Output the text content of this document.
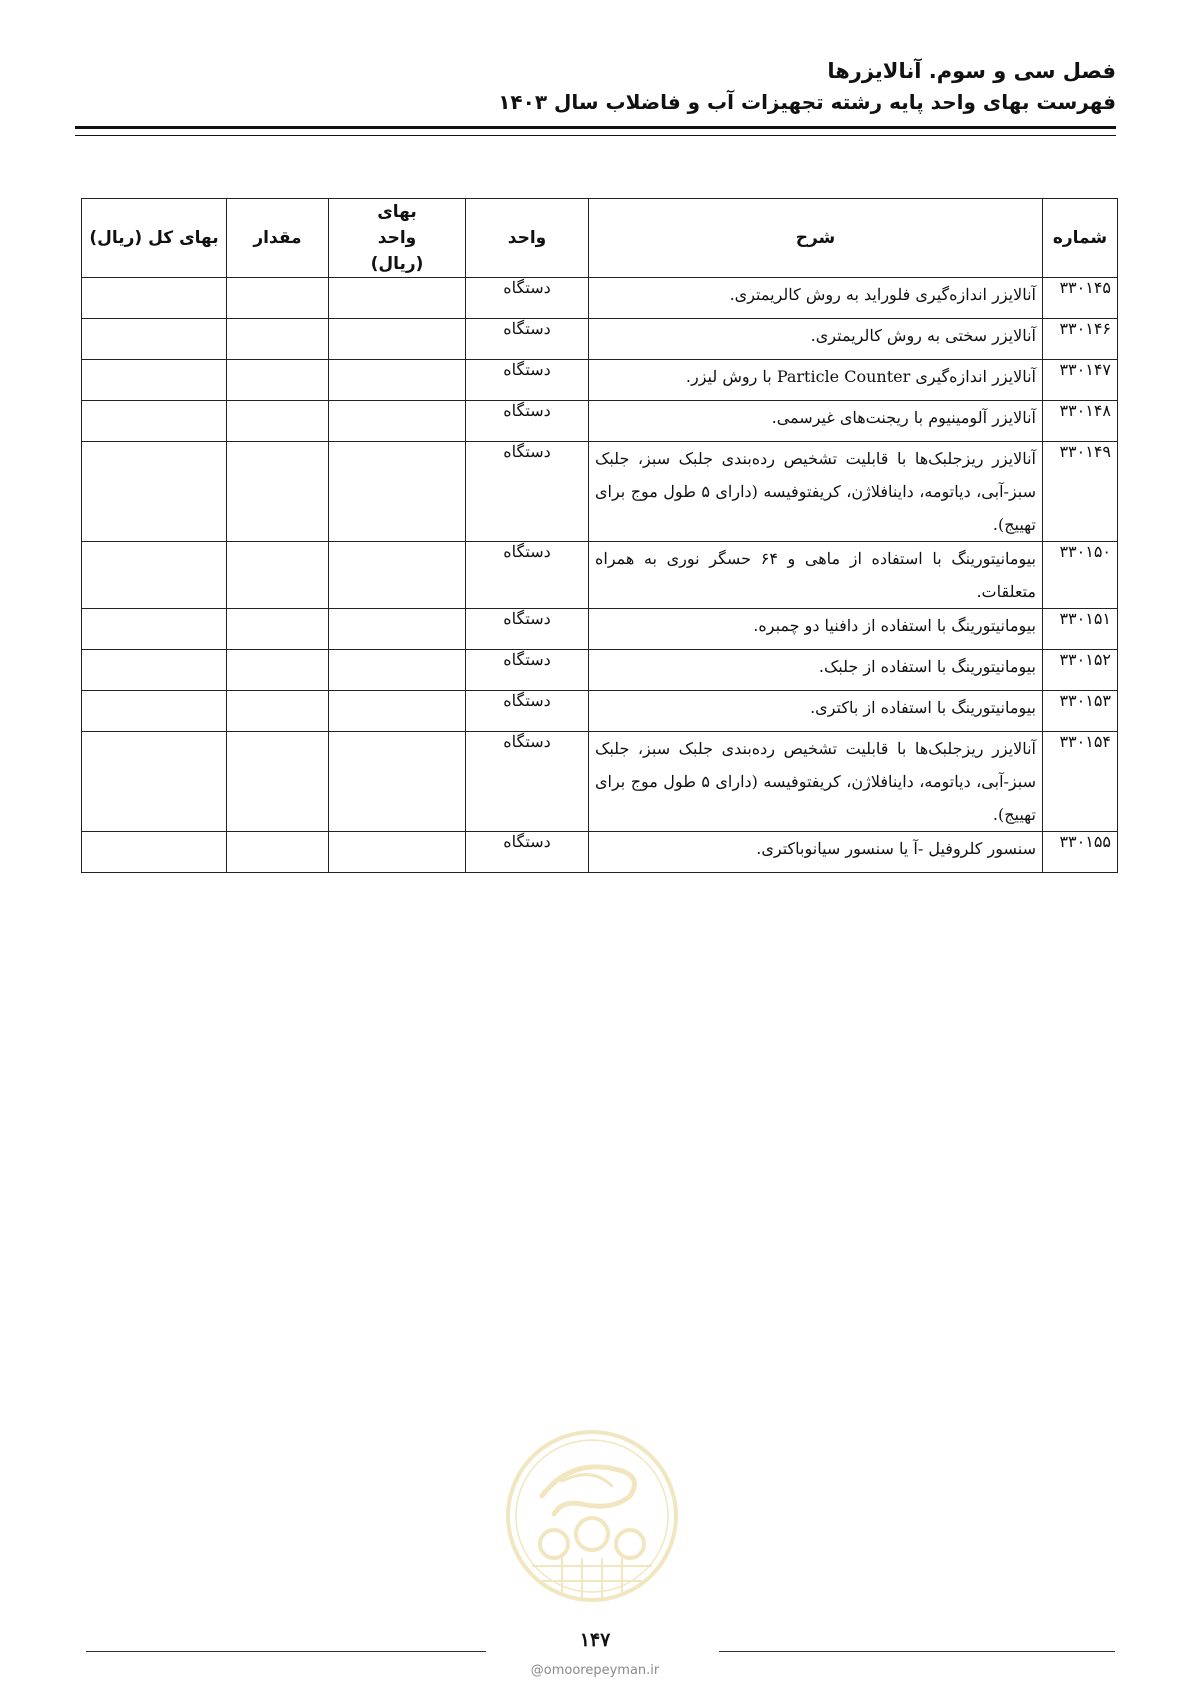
فصل سی و سوم. آنالایزرها
فهرست بهای واحد پایه رشته تجهیزات آب و فاضلاب سال ۱۴۰۳
شماره	شرح	واحد	بهای واحد (ریال)	مقدار	بهای کل (ریال)
۳۳۰۱۴۵	آنالایزر اندازه‌گیری فلوراید به روش کالریمتری.	دستگاه			
۳۳۰۱۴۶	آنالایزر سختی به روش کالریمتری.	دستگاه			
۳۳۰۱۴۷	آنالایزر اندازه‌گیری Particle Counter با روش لیزر.	دستگاه			
۳۳۰۱۴۸	آنالایزر آلومینیوم با ریجنت‌های غیرسمی.	دستگاه			
۳۳۰۱۴۹	آنالایزر ریزجلبک‌ها با قابلیت تشخیص رده‌بندی جلبک سبز، جلبک سبز-آبی، دیاتومه، داینافلاژن، کریفتوفیسه (دارای ۵ طول موج برای تهییج).	دستگاه			
۳۳۰۱۵۰	بیومانیتورینگ با استفاده از ماهی و ۶۴ حسگر نوری به همراه متعلقات.	دستگاه			
۳۳۰۱۵۱	بیومانیتورینگ با استفاده از دافنیا دو چمبره.	دستگاه			
۳۳۰۱۵۲	بیومانیتورینگ با استفاده از جلبک.	دستگاه			
۳۳۰۱۵۳	بیومانیتورینگ با استفاده از باکتری.	دستگاه			
۳۳۰۱۵۴	آنالایزر ریزجلبک‌ها با قابلیت تشخیص رده‌بندی جلبک سبز، جلبک سبز-آبی، دیاتومه، داینافلاژن، کریفتوفیسه (دارای ۵ طول موج برای تهییج).	دستگاه			
۳۳۰۱۵۵	سنسور کلروفیل -آ یا سنسور سیانوباکتری.	دستگاه			
۱۴۷
@omoorepeyman.ir
